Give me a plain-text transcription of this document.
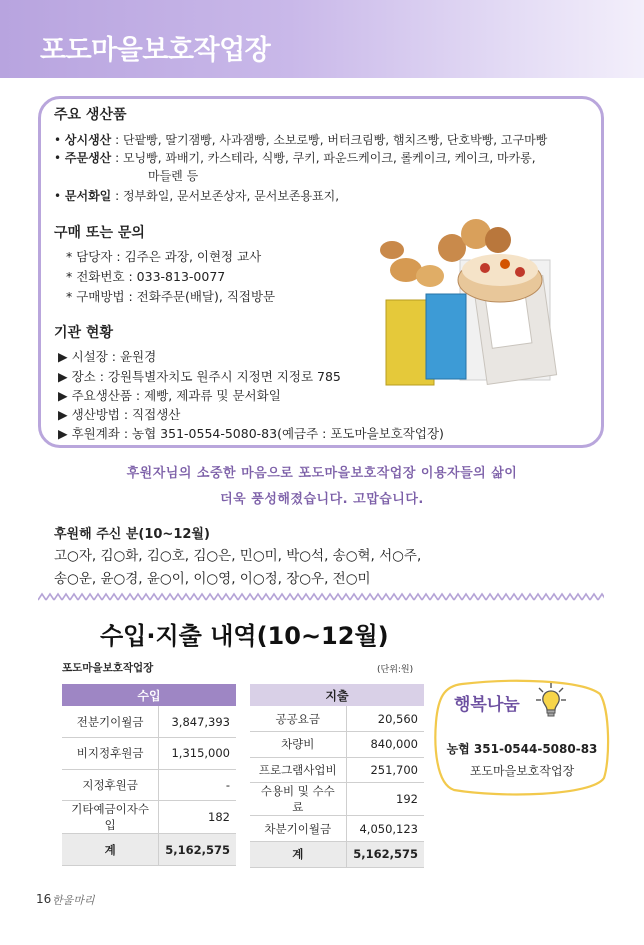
포도마을보호작업장
주요 생산품
• 상시생산 : 단팥빵, 딸기잼빵, 사과잼빵, 소보로빵, 버터크림빵, 햄치즈빵, 단호박빵, 고구마빵
• 주문생산 : 모닝빵, 꽈배기, 카스테라, 식빵, 쿠키, 파운드케이크, 롤케이크, 케이크, 마카롱,
마들렌 등
• 문서화일 : 정부화일, 문서보존상자, 문서보존용표지,
구매 또는 문의
* 담당자 : 김주은 과장, 이현정 교사
* 전화번호 : 033-813-0077
* 구매방법 : 전화주문(배달), 직접방문
기관 현황
▶ 시설장 : 윤원경
▶ 장소 : 강원특별자치도 원주시 지정면 지정로 785
▶ 주요생산품 : 제빵, 제과류 및 문서화일
▶ 생산방법 : 직접생산
▶ 후원계좌 : 농협 351-0554-5080-83(예금주 : 포도마을보호작업장)
후원자님의 소중한 마음으로 포도마을보호작업장 이용자들의 삶이
더욱 풍성해졌습니다. 고맙습니다.
후원해 주신 분(10~12월)
고○자, 김○화, 김○호, 김○은, 민○미, 박○석, 송○혁, 서○주,
송○운, 윤○경, 윤○이, 이○영, 이○정, 장○우, 전○미
수입·지출 내역(10~12월)
포도마을보호작업장	(단위:원)
수입	
전분기이월금	3,847,393
비지정후원금	1,315,000
지정후원금	-
기타예금이자수입	182
계	5,162,575
지출	
공공요금	20,560
차량비	840,000
프로그램사업비	251,700
수용비 및 수수료	192
차분기이월금	4,050,123
계	5,162,575
행복나눔
농협 351-0544-5080-83
포도마을보호작업장
16 한울마리
